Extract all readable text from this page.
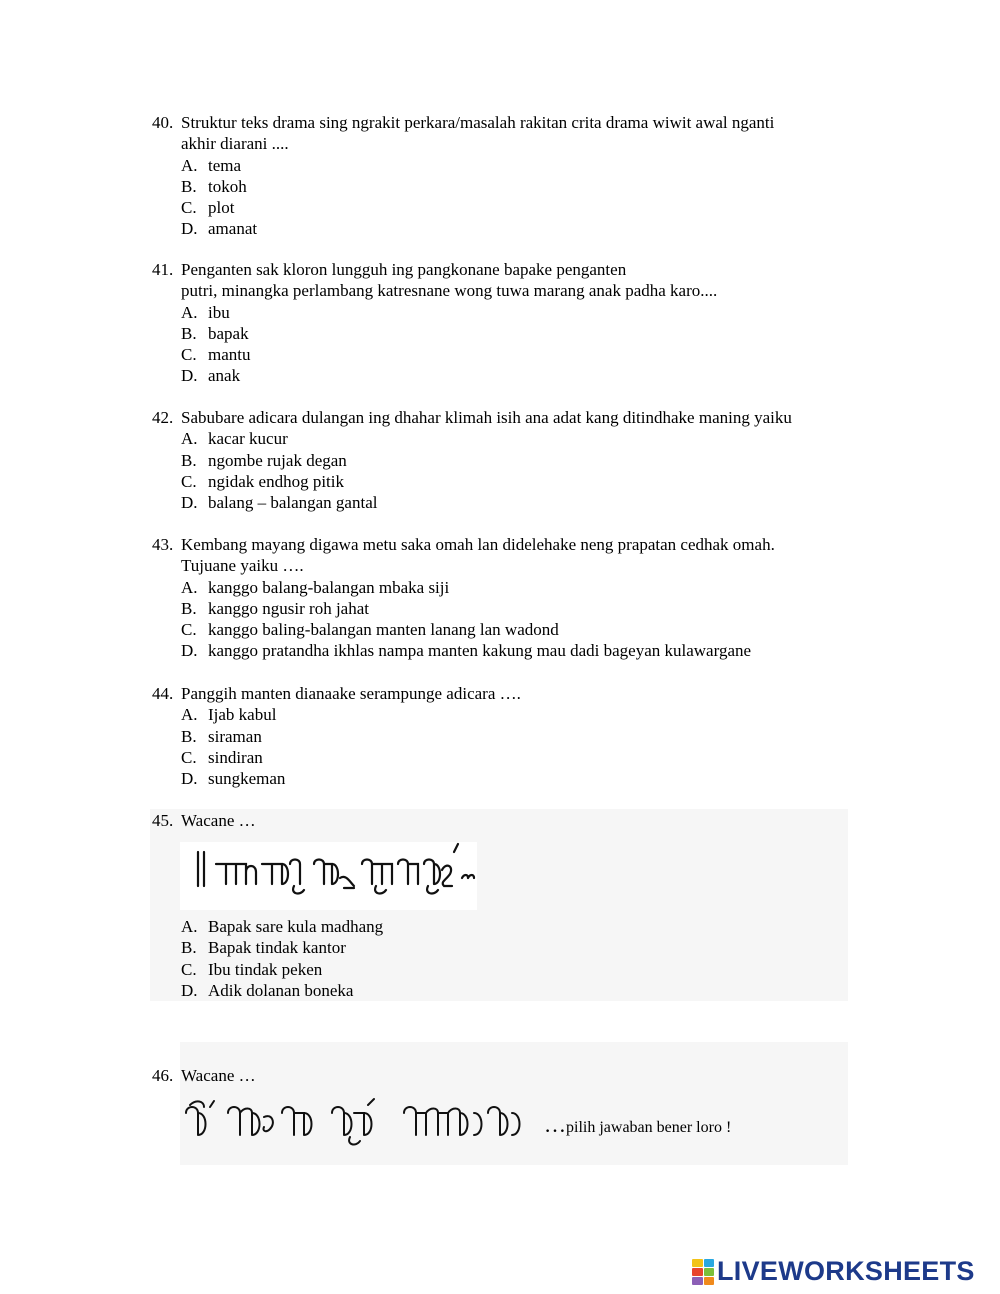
40. Struktur teks drama sing ngrakit perkara/masalah rakitan crita drama wiwit awal nganti
akhir diarani ....
A. tema
B. tokoh
C. plot
D. amanat
41. Penganten sak kloron lungguh ing pangkonane bapake penganten
putri, minangka perlambang katresnane wong tuwa marang anak padha karo....
A. ibu
B. bapak
C. mantu
D. anak
42. Sabubare adicara dulangan ing dhahar klimah isih ana adat kang ditindhake maning yaiku
A. kacar kucur
B. ngombe rujak degan
C. ngidak endhog pitik
D. balang – balangan gantal
43. Kembang mayang digawa metu saka omah lan didelehake neng prapatan cedhak omah.
Tujuane yaiku ….
A. kanggo balang-balangan mbaka siji
B. kanggo ngusir roh jahat
C. kanggo baling-balangan manten lanang lan wadond
D. kanggo pratandha ikhlas nampa manten kakung mau dadi bageyan kulawargane
44. Panggih manten dianaake serampunge adicara ….
A. Ijab kabul
B. siraman
C. sindiran
D. sungkeman
45. Wacane …
A. Bapak sare kula madhang
B. Bapak tindak kantor
C. Ibu tindak peken
D. Adik dolanan boneka
46. Wacane …
…pilih jawaban bener loro !
LIVEWORKSHEETS
